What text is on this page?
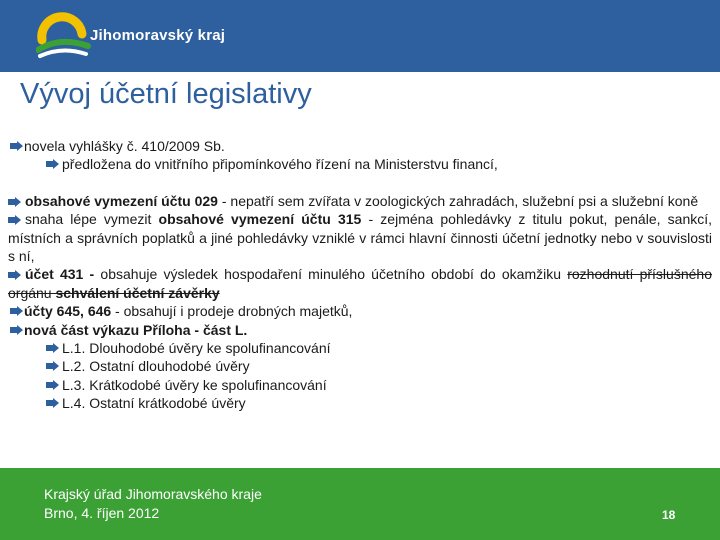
Jihomoravský kraj
Vývoj účetní legislativy
novela vyhlášky č. 410/2009 Sb.
předložena do vnitřního připomínkového řízení na Ministerstvu financí,
obsahové vymezení účtu 029 - nepatří sem zvířata v zoologických zahradách, služební psi a služební koně
snaha lépe vymezit obsahové vymezení účtu 315 - zejména pohledávky z titulu pokut, penále, sankcí, místních a správních poplatků a jiné pohledávky vzniklé v rámci hlavní činnosti účetní jednotky nebo v souvislosti s ní,
účet 431 - obsahuje výsledek hospodaření minulého účetního období do okamžiku rozhodnutí příslušného orgánu schválení účetní závěrky
účty 645, 646 - obsahují i prodeje drobných majetků,
nová část výkazu Příloha - část L.
L.1. Dlouhodobé úvěry ke spolufinancování
L.2. Ostatní dlouhodobé úvěry
L.3. Krátkodobé úvěry ke spolufinancování
L.4. Ostatní krátkodobé úvěry
Krajský úřad Jihomoravského kraje
Brno, 4. říjen 2012	18
